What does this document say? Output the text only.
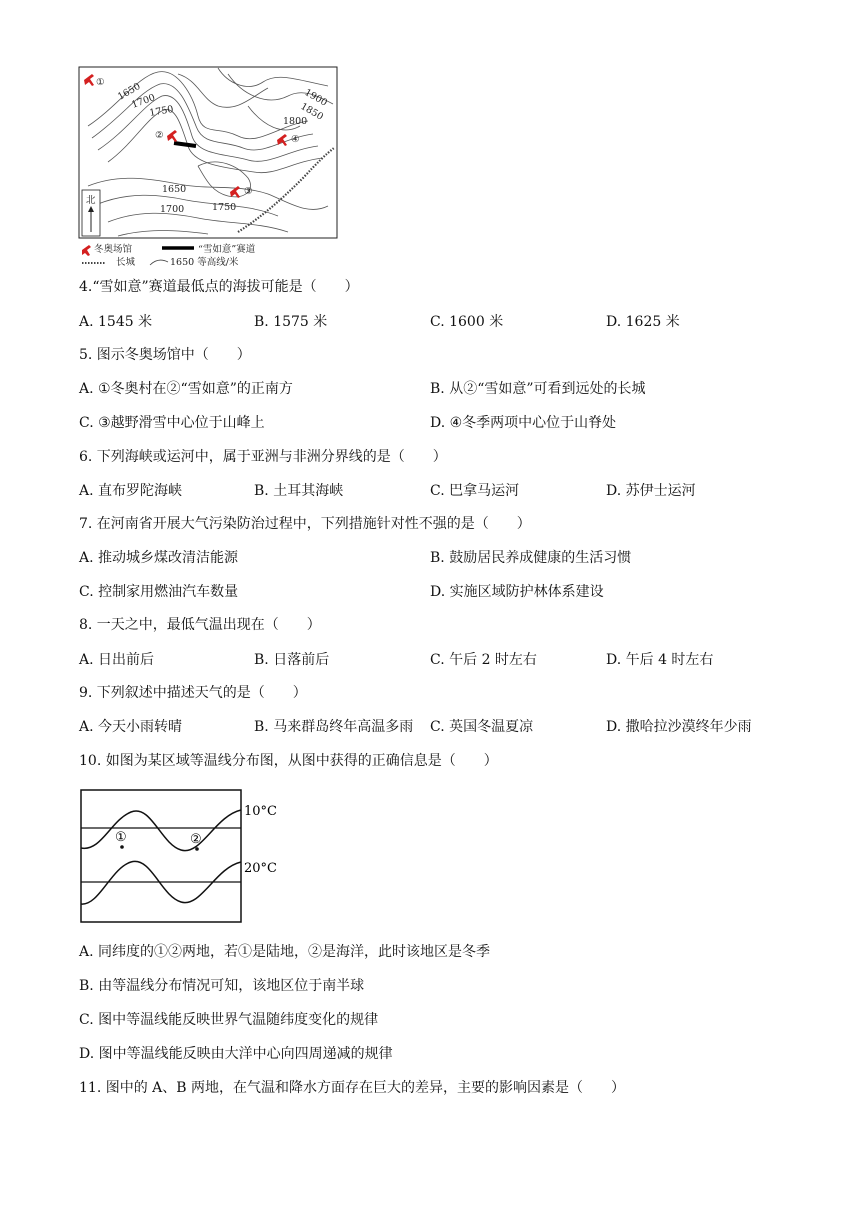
1650
1700
1750
1900
1850
1800
1650
1700	1750
①
②
③
④
北
冬奥场馆	“雪如意”赛道
长城	1650 等高线/米
4.“雪如意”赛道最低点的海拔可能是（　　）
A. 1545 米	B. 1575 米	C. 1600 米	D. 1625 米
5. 图示冬奥场馆中（　　）
A. ①冬奥村在②“雪如意”的正南方	B. 从②“雪如意”可看到远处的长城
C. ③越野滑雪中心位于山峰上	D. ④冬季两项中心位于山脊处
6. 下列海峡或运河中，属于亚洲与非洲分界线的是（　　）
A. 直布罗陀海峡	B. 土耳其海峡	C. 巴拿马运河	D. 苏伊士运河
7. 在河南省开展大气污染防治过程中，下列措施针对性不强的是（　　）
A. 推动城乡煤改清洁能源	B. 鼓励居民养成健康的生活习惯
C. 控制家用燃油汽车数量	D. 实施区域防护林体系建设
8. 一天之中，最低气温出现在（　　）
A. 日出前后	B. 日落前后	C. 午后 2 时左右	D. 午后 4 时左右
9. 下列叙述中描述天气的是（　　）
A. 今天小雨转晴	B. 马来群岛终年高温多雨 C. 英国冬温夏凉	D. 撒哈拉沙漠终年少雨
10. 如图为某区域等温线分布图，从图中获得的正确信息是（　　）
10°C
20°C
①	②
A. 同纬度的①②两地，若①是陆地，②是海洋，此时该地区是冬季
B. 由等温线分布情况可知，该地区位于南半球
C. 图中等温线能反映世界气温随纬度变化的规律
D. 图中等温线能反映由大洋中心向四周递减的规律
11. 图中的 A、B 两地，在气温和降水方面存在巨大的差异，主要的影响因素是（　　）
